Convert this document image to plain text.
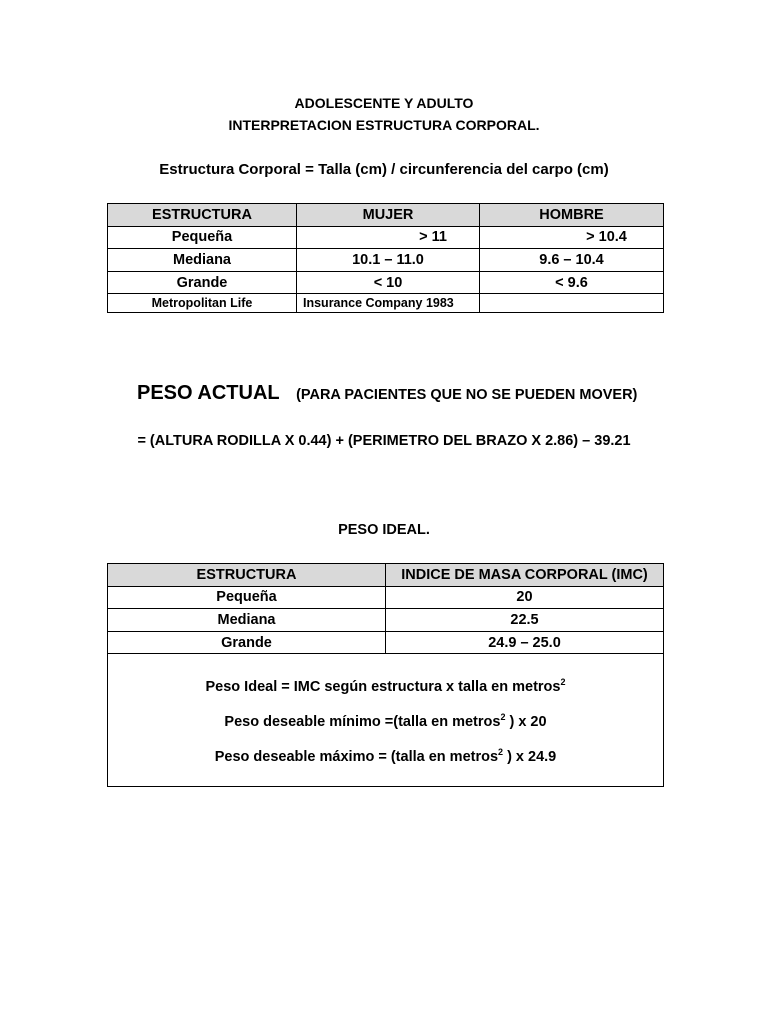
ADOLESCENTE Y ADULTO
INTERPRETACION ESTRUCTURA CORPORAL.
Estructura Corporal = Talla (cm) / circunferencia del carpo (cm)
ESTRUCTURA	MUJER	HOMBRE
Pequeña	> 11	> 10.4
Mediana	10.1 – 11.0	9.6 – 10.4
Grande	< 10	< 9.6
Metropolitan Life	Insurance Company 1983	
PESO ACTUAL (PARA PACIENTES QUE NO SE PUEDEN MOVER)
= (ALTURA RODILLA X 0.44) + (PERIMETRO DEL BRAZO X 2.86) – 39.21
PESO IDEAL.
ESTRUCTURA	INDICE DE MASA CORPORAL (IMC)
Pequeña	20
Mediana	22.5
Grande	24.9 – 25.0

Peso Ideal = IMC según estructura x talla en metros$^2$
Peso deseable mínimo =(talla en metros$^2$ ) x 20
Peso deseable máximo = (talla en metros$^2$ ) x 24.9	
